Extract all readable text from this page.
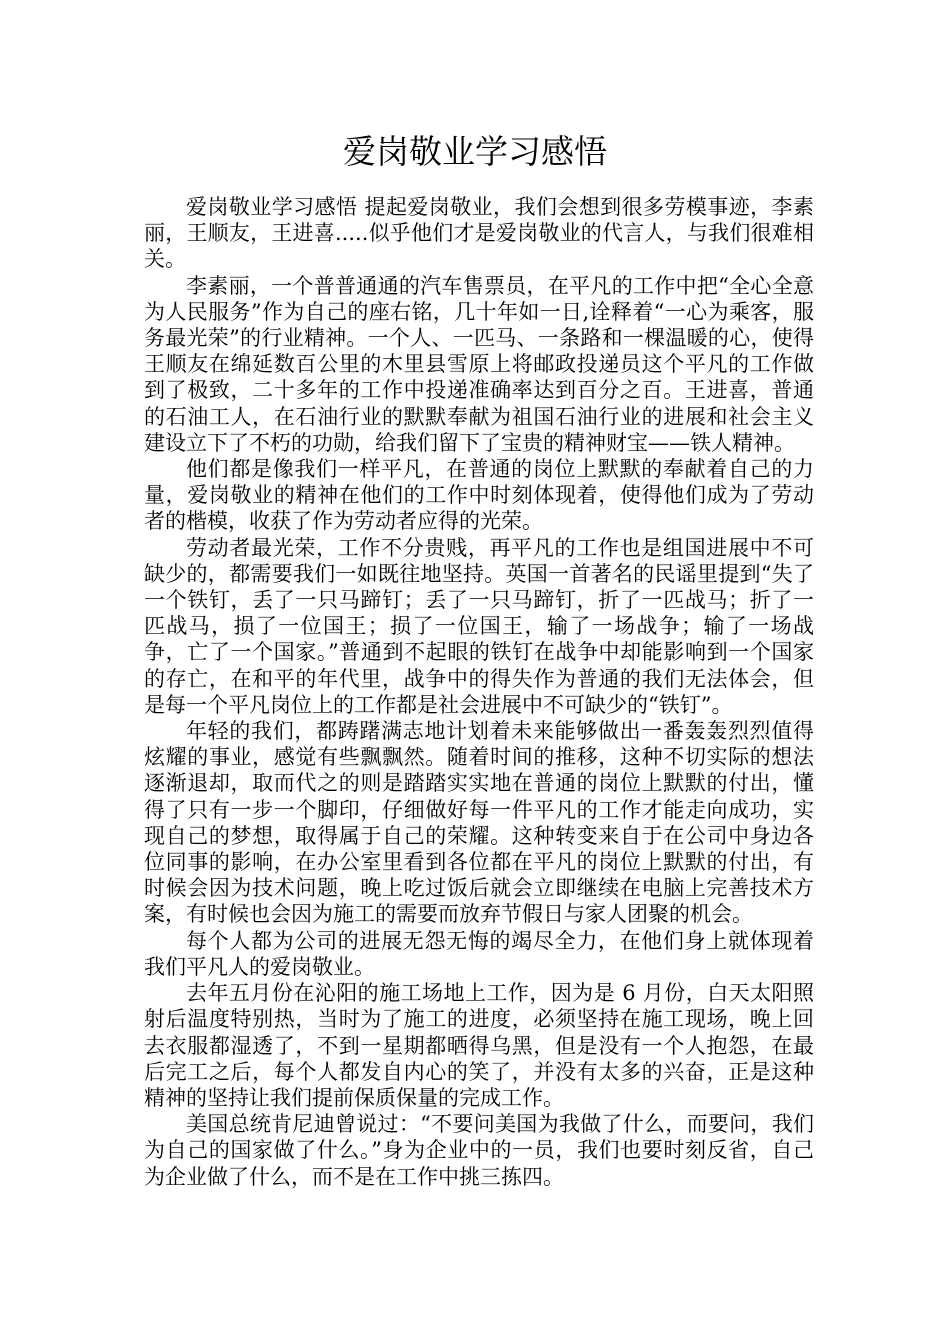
爱岗敬业学习感悟

爱岗敬业学习感悟 提起爱岗敬业，我们会想到很多劳模事迹，李素丽，王顺友，王进喜.....似乎他们才是爱岗敬业的代言人，与我们很难相关。

李素丽，一个普普通通的汽车售票员，在平凡的工作中把“全心全意为人民服务”作为自己的座右铭，几十年如一日,诠释着“一心为乘客，服务最光荣”的行业精神。一个人、一匹马、一条路和一棵温暖的心，使得王顺友在绵延数百公里的木里县雪原上将邮政投递员这个平凡的工作做到了极致，二十多年的工作中投递准确率达到百分之百。王进喜，普通的石油工人，在石油行业的默默奉献为祖国石油行业的进展和社会主义建设立下了不朽的功勋，给我们留下了宝贵的精神财宝——铁人精神。

他们都是像我们一样平凡，在普通的岗位上默默的奉献着自己的力量，爱岗敬业的精神在他们的工作中时刻体现着，使得他们成为了劳动者的楷模，收获了作为劳动者应得的光荣。

劳动者最光荣，工作不分贵贱，再平凡的工作也是组国进展中不可缺少的，都需要我们一如既往地坚持。英国一首著名的民谣里提到“失了一个铁钉，丢了一只马蹄钉；丢了一只马蹄钉，折了一匹战马；折了一匹战马，损了一位国王；损了一位国王，输了一场战争；输了一场战争，亡了一个国家。”普通到不起眼的铁钉在战争中却能影响到一个国家的存亡，在和平的年代里，战争中的得失作为普通的我们无法体会，但是每一个平凡岗位上的工作都是社会进展中不可缺少的“铁钉”。

年轻的我们，都踌躇满志地计划着未来能够做出一番轰轰烈烈值得炫耀的事业，感觉有些飘飘然。随着时间的推移，这种不切实际的想法逐渐退却，取而代之的则是踏踏实实地在普通的岗位上默默的付出，懂得了只有一步一个脚印，仔细做好每一件平凡的工作才能走向成功，实现自己的梦想，取得属于自己的荣耀。这种转变来自于在公司中身边各位同事的影响，在办公室里看到各位都在平凡的岗位上默默的付出，有时候会因为技术问题，晚上吃过饭后就会立即继续在电脑上完善技术方案，有时候也会因为施工的需要而放弃节假日与家人团聚的机会。

每个人都为公司的进展无怨无悔的竭尽全力，在他们身上就体现着我们平凡人的爱岗敬业。

去年五月份在沁阳的施工场地上工作，因为是 6 月份，白天太阳照射后温度特别热，当时为了施工的进度，必须坚持在施工现场，晚上回去衣服都湿透了，不到一星期都晒得乌黑，但是没有一个人抱怨，在最后完工之后，每个人都发自内心的笑了，并没有太多的兴奋，正是这种精神的坚持让我们提前保质保量的完成工作。

美国总统肯尼迪曾说过：“不要问美国为我做了什么，而要问，我们为自己的国家做了什么。”身为企业中的一员，我们也要时刻反省，自己为企业做了什么，而不是在工作中挑三拣四。
